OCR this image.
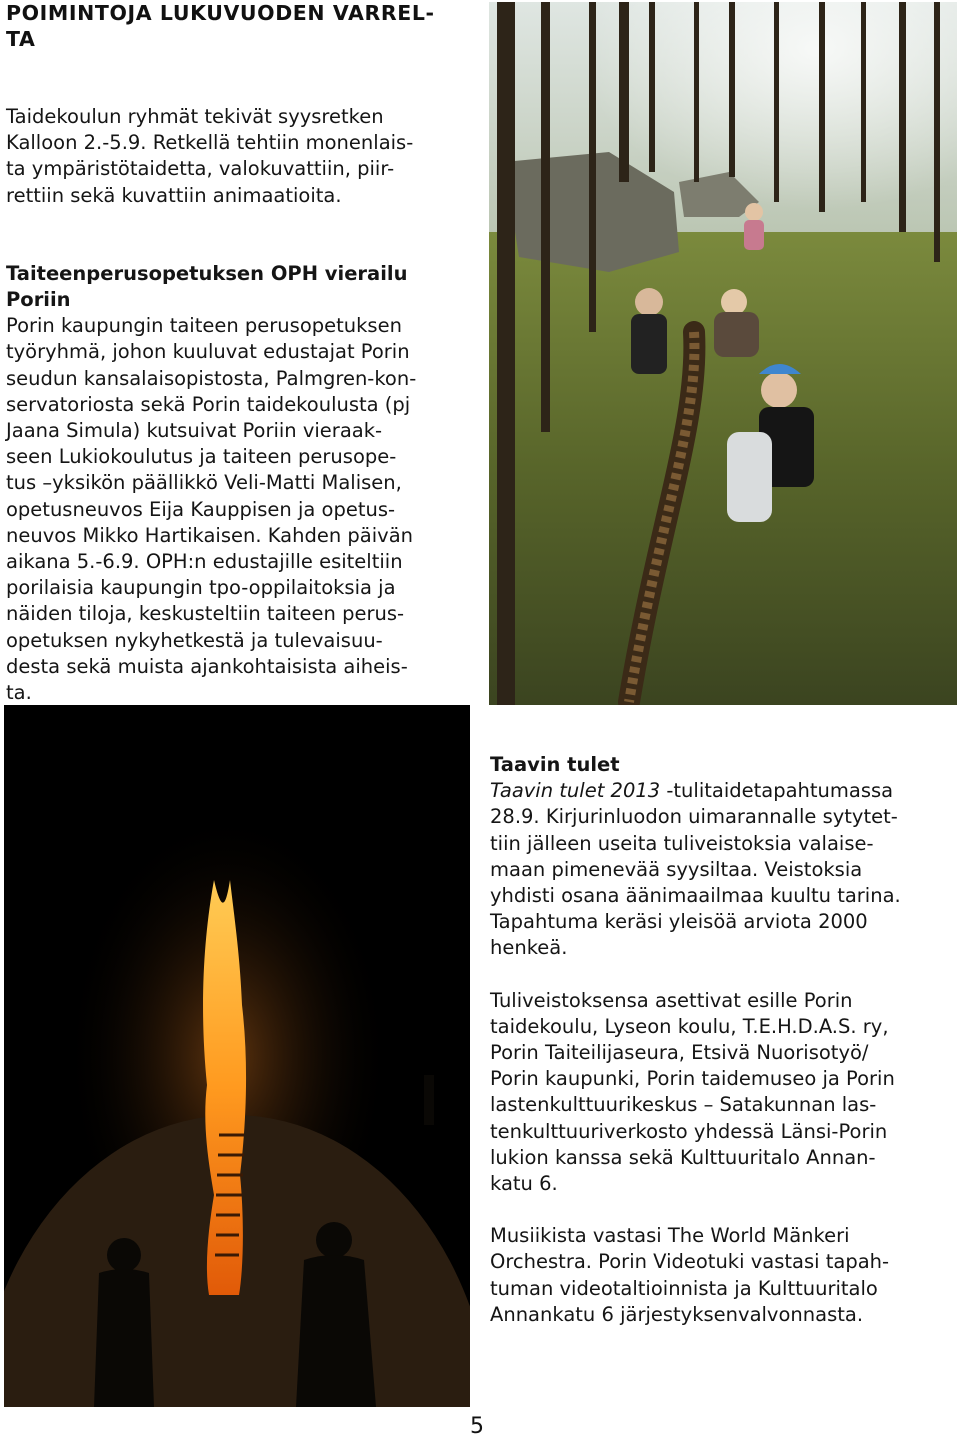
POIMINTOJA LUKUVUODEN VARREL-
TA

Taidekoulun ryhmät tekivät syysretken

Kalloon 2.-5.9. Retkellä tehtiin monenlais-

ta ympäristötaidetta, valokuvattiin, piir-

rettiin sekä kuvattiin animaatioita.

Taiteenperusopetuksen OPH vierailu

Poriin

Porin kaupungin taiteen perusopetuksen

työryhmä, johon kuuluvat edustajat Porin

seudun kansalaisopistosta, Palmgren-kon-

servatoriosta sekä Porin taidekoulusta (pj

Jaana Simula) kutsuivat Poriin vieraak-

seen Lukiokoulutus ja taiteen perusope-

tus –yksikön päällikkö Veli-Matti Malisen,

opetusneuvos Eija Kauppisen ja opetus-

neuvos Mikko Hartikaisen. Kahden päivän

aikana 5.-6.9. OPH:n edustajille esiteltiin

porilaisia kaupungin tpo-oppilaitoksia ja

näiden tiloja, keskusteltiin taiteen perus-

opetuksen nykyhetkestä ja tulevaisuu-

desta sekä muista ajankohtaisista aiheis-

ta.

Taavin tulet

Taavin tulet 2013 -tulitaidetapahtumassa

28.9. Kirjurinluodon uimarannalle sytytet-

tiin jälleen useita tuliveistoksia valaise-

maan pimenevää syysiltaa. Veistoksia

yhdisti osana äänimaailmaa kuultu tarina.

Tapahtuma keräsi yleisöä arviota 2000

henkeä.

Tuliveistoksensa asettivat esille Porin

taidekoulu, Lyseon koulu, T.E.H.D.A.S. ry,

Porin Taiteilijaseura, Etsivä Nuorisotyö/

Porin kaupunki, Porin taidemuseo ja Porin

lastenkulttuurikeskus – Satakunnan las-

tenkulttuuriverkosto yhdessä Länsi-Porin

lukion kanssa sekä Kulttuuritalo Annan-

katu 6.

Musiikista vastasi The World Mänkeri

Orchestra. Porin Videotuki vastasi tapah-

tuman videotaltioinnista ja Kulttuuritalo

Annankatu 6 järjestyksenvalvonnasta.

5
